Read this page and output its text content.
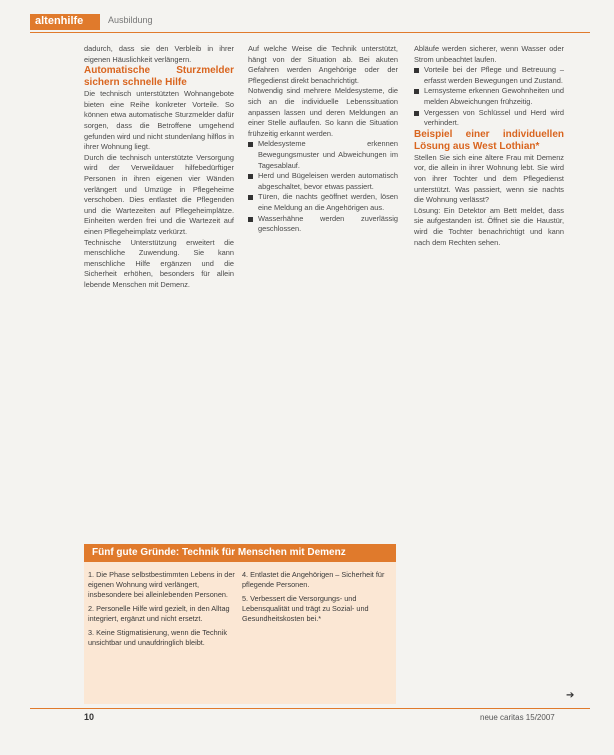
altenhilfe	Ausbildung

dadurch, dass sie den Verbleib in ihrer eigenen Häuslichkeit verlängern.

Automatische Sturzmelder sichern schnelle Hilfe

Die technisch unterstützten Wohnangebote bieten eine Reihe konkreter Vorteile. So können etwa automatische Sturzmelder dafür sorgen, dass die Betroffene umgehend gefunden wird und nicht stundenlang hilflos in ihrer Wohnung liegt.

Durch die technisch unterstützte Versorgung wird der Verweildauer hilfebedürftiger Personen in ihren eigenen vier Wänden verlängert und Umzüge in Pflegeheime verschoben. Dies entlastet die Pflegenden und die Wartezeiten auf Pflegeheimplätze. Einheiten werden frei und die Wartezeit auf einen Pflegeheimplatz verkürzt.

Technische Unterstützung erweitert die menschliche Zuwendung. Sie kann menschliche Hilfe ergänzen und die Sicherheit erhöhen, besonders für allein lebende Menschen mit Demenz.

Auf welche Weise die Technik unterstützt, hängt von der Situation ab. Bei akuten Gefahren werden Angehörige oder der Pflegedienst direkt benachrichtigt.

Notwendig sind mehrere Meldesysteme, die sich an die individuelle Lebenssituation anpassen lassen und deren Meldungen an einer Stelle auflaufen. So kann die Situation frühzeitig erkannt werden.

Meldesysteme erkennen Bewegungsmuster und Abweichungen im Tagesablauf.

Herd und Bügeleisen werden automatisch abgeschaltet, bevor etwas passiert.

Türen, die nachts geöffnet werden, lösen eine Meldung an die Angehörigen aus.

Wasserhähne werden zuverlässig geschlossen.

Abläufe werden sicherer, wenn Wasser oder Strom unbeachtet laufen.

Vorteile bei der Pflege und Betreuung – erfasst werden Bewegungen und Zustand.

Lernsysteme erkennen Gewohnheiten und melden Abweichungen frühzeitig.

Vergessen von Schlüssel und Herd wird verhindert.

Beispiel einer individuellen Lösung aus West Lothian*

Stellen Sie sich eine ältere Frau mit Demenz vor, die allein in ihrer Wohnung lebt. Sie wird von ihrer Tochter und dem Pflegedienst unterstützt. Was passiert, wenn sie nachts die Wohnung verlässt?

Lösung: Ein Detektor am Bett meldet, dass sie aufgestanden ist. Öffnet sie die Haustür, wird die Tochter benachrichtigt und kann nach dem Rechten sehen.

Fünf gute Gründe: Technik für Menschen mit Demenz

1. Die Phase selbstbestimmten Lebens in der eigenen Wohnung wird verlängert, insbesondere bei alleinlebenden Personen.

2. Personelle Hilfe wird gezielt, in den Alltag integriert, ergänzt und nicht ersetzt.

3. Keine Stigmatisierung, wenn die Technik unsichtbar und unaufdringlich bleibt.

4. Entlastet die Angehörigen – Sicherheit für pflegende Personen.

5. Verbessert die Versorgungs- und Lebensqualität und trägt zu Sozial- und Gesundheitskosten bei.*

➔
10	neue caritas 15/2007
